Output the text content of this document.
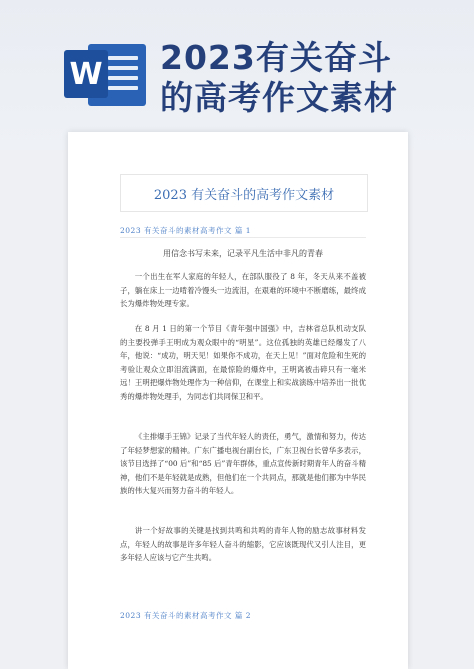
W 2023有关奋斗
的高考作文素材
2023 有关奋斗的高考作文素材
2023 有关奋斗的素材高考作文 篇 1
用信念书写未来，记录平凡生活中非凡的青春

一个出生在军人家庭的年轻人，在部队服役了 8 年，冬天从来不盖被子，躺在床上一边啃着冷馒头一边流泪，在艰难的环境中不断磨练，最终成长为爆炸物处理专家。

在 8 月 1 日的第一个节目《青年强中国强》中，吉林省总队机动支队的主要投弹手王明成为观众眼中的“明星”。这位孤独的英雄已经爆发了八年，他说：“成功，明天见！如果你不成功，在天上见！”面对危险和生死的考验让观众立即泪流满面，在最惊险的爆炸中，王明离被击碎只有一毫米远！王明把爆炸物处理作为一种信仰，在课堂上和实战演练中培养出一批优秀的爆炸物处理手，为同志们共同保卫和平。

《主排爆手王锦》记录了当代年轻人的责任，勇气，激情和努力，传达了年轻梦想家的精神。广东广播电视台副台长，广东卫视台长曾华多表示，该节目选择了“00 后”和“85 后”青年群体，重点宣传新时期青年人的奋斗精神，他们不是年轻就是成熟，但他们在一个共同点，那就是他们都为中华民族的伟大复兴而努力奋斗的年轻人。

讲一个好故事的关键是找到共鸣和共鸣的青年人物的励志故事材料发点，年轻人的故事是许多年轻人奋斗的缩影，它应该既现代又引人注目，更多年轻人应该与它产生共鸣。

2023 有关奋斗的素材高考作文 篇 2
